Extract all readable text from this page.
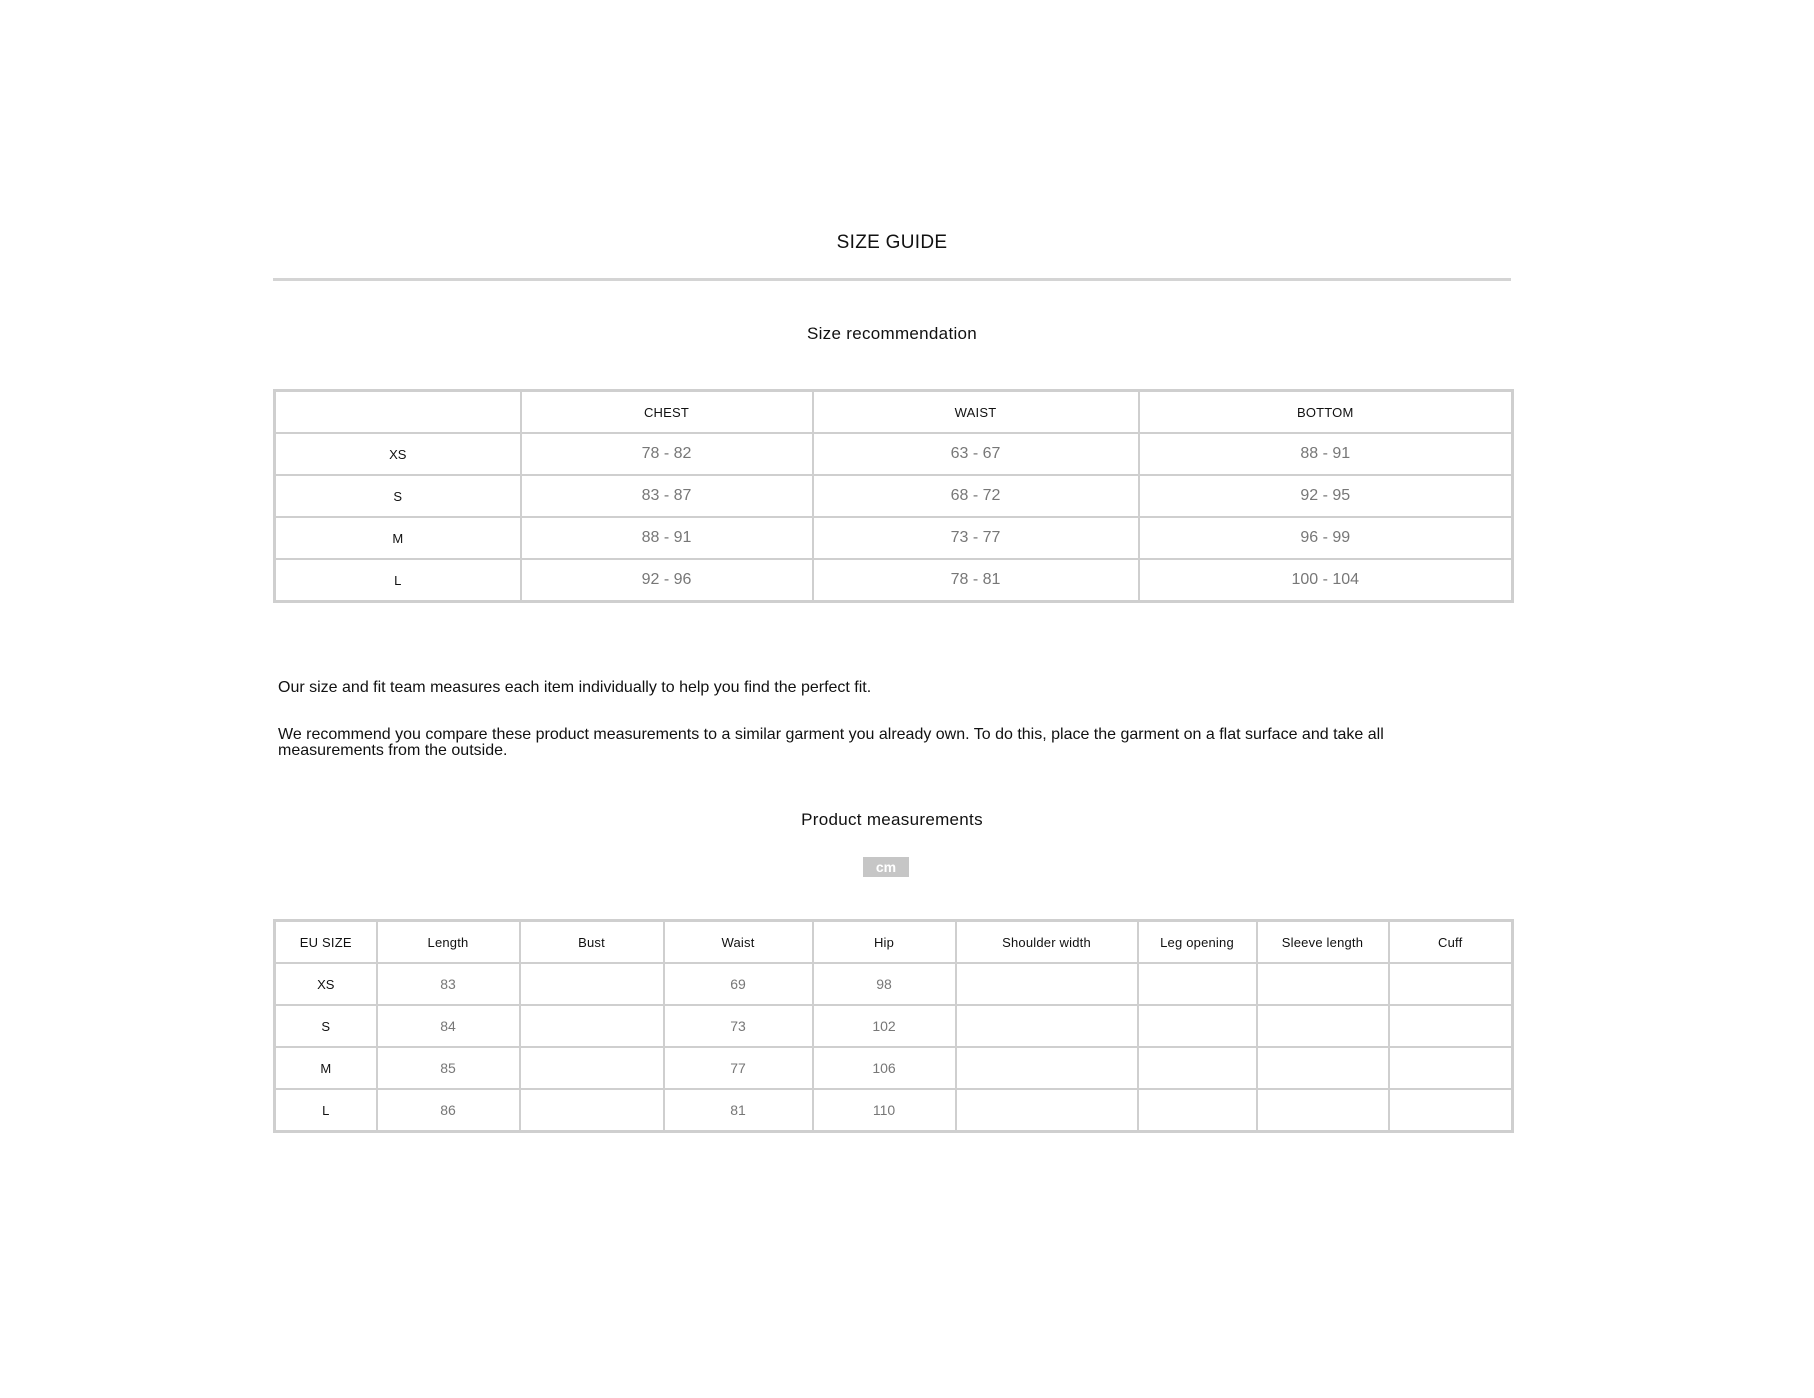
SIZE GUIDE
Size recommendation
	CHEST	WAIST	BOTTOM
XS	78 - 82	63 - 67	88 - 91
S	83 - 87	68 - 72	92 - 95
M	88 - 91	73 - 77	96 - 99
L	92 - 96	78 - 81	100 - 104
Our size and fit team measures each item individually to help you find the perfect fit.
We recommend you compare these product measurements to a similar garment you already own. To do this, place the garment on a flat surface and take all measurements from the outside.
Product measurements
cm
EU SIZE	Length	Bust	Waist	Hip	Shoulder width	Leg opening	Sleeve length	Cuff
XS	83		69	98				
S	84		73	102				
M	85		77	106				
L	86		81	110				
